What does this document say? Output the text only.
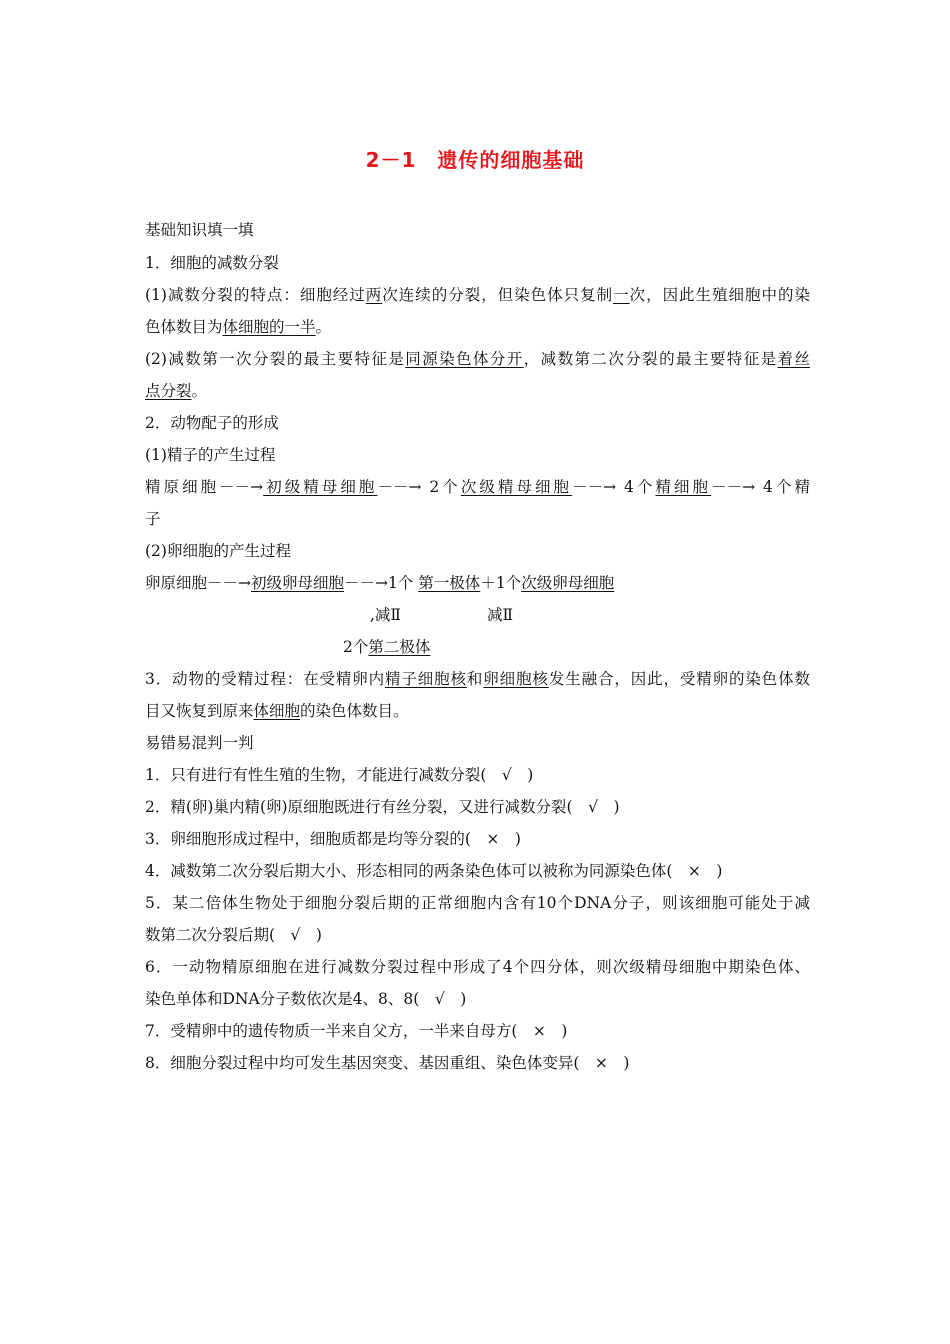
2－1　遗传的细胞基础
基础知识填一填
1．细胞的减数分裂
(1)减数分裂的特点：细胞经过两次连续的分裂，但染色体只复制一次，因此生殖细胞中的染
色体数目为体细胞的一半。
(2)减数第一次分裂的最主要特征是同源染色体分开，减数第二次分裂的最主要特征是着丝
点分裂。
2．动物配子的形成
(1)精子的产生过程
精原细胞－－→初级精母细胞－－→ 2个次级精母细胞－－→ 4个精细胞－－→ 4个精
子
(2)卵细胞的产生过程
卵原细胞－－→初级卵母细胞－－→1个 第一极体＋1个次级卵母细胞
,减Ⅱ	减Ⅱ
2个第二极体
3．动物的受精过程：在受精卵内精子细胞核和卵细胞核发生融合，因此，受精卵的染色体数
目又恢复到原来体细胞的染色体数目。
易错易混判一判
1．只有进行有性生殖的生物，才能进行减数分裂(　√　)
2．精(卵)巢内精(卵)原细胞既进行有丝分裂，又进行减数分裂(　√　)
3．卵细胞形成过程中，细胞质都是均等分裂的(　×　)
4．减数第二次分裂后期大小、形态相同的两条染色体可以被称为同源染色体(　×　)
5．某二倍体生物处于细胞分裂后期的正常细胞内含有10个DNA分子，则该细胞可能处于减
数第二次分裂后期(　√　)
6．一动物精原细胞在进行减数分裂过程中形成了4个四分体，则次级精母细胞中期染色体、
染色单体和DNA分子数依次是4、8、8(　√　)
7．受精卵中的遗传物质一半来自父方，一半来自母方(　×　)
8．细胞分裂过程中均可发生基因突变、基因重组、染色体变异(　×　)
